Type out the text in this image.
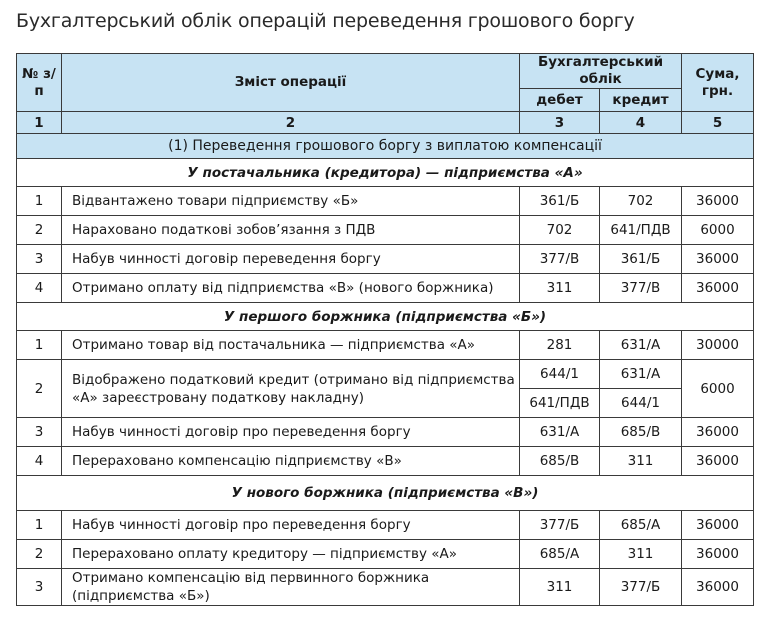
Бухгалтерський облік операцій переведення грошового боргу
№ з/п	Зміст операції	Бухгалтерський облік		Сума, грн.
		дебет	кредит	
1	2	3	4	5
(1) Переведення грошового боргу з виплатою компенсації				
У постачальника (кредитора) — підприємства «А»				
1	Відвантажено товари підприємству «Б»	361/Б	702	36000
2	Нараховано податкові зобов’язання з ПДВ	702	641/ПДВ	6000
3	Набув чинності договір переведення боргу	377/В	361/Б	36000
4	Отримано оплату від підприємства «В» (нового боржника)	311	377/В	36000
У першого боржника (підприємства «Б»)				
1	Отримано товар від постачальника — підприємства «А»	281	631/А	30000
2	Відображено податковий кредит (отримано від підприємства «А» зареєстровану податкову накладну)	644/1	631/А	6000
		641/ПДВ	644/1	
3	Набув чинності договір про переведення боргу	631/А	685/В	36000
4	Перераховано компенсацію підприємству «В»	685/В	311	36000
У нового боржника (підприємства «В»)				
1	Набув чинності договір про переведення боргу	377/Б	685/А	36000
2	Перераховано оплату кредитору — підприємству «А»	685/А	311	36000
3	Отримано компенсацію від первинного боржника (підприємства «Б»)	311	377/Б	36000
